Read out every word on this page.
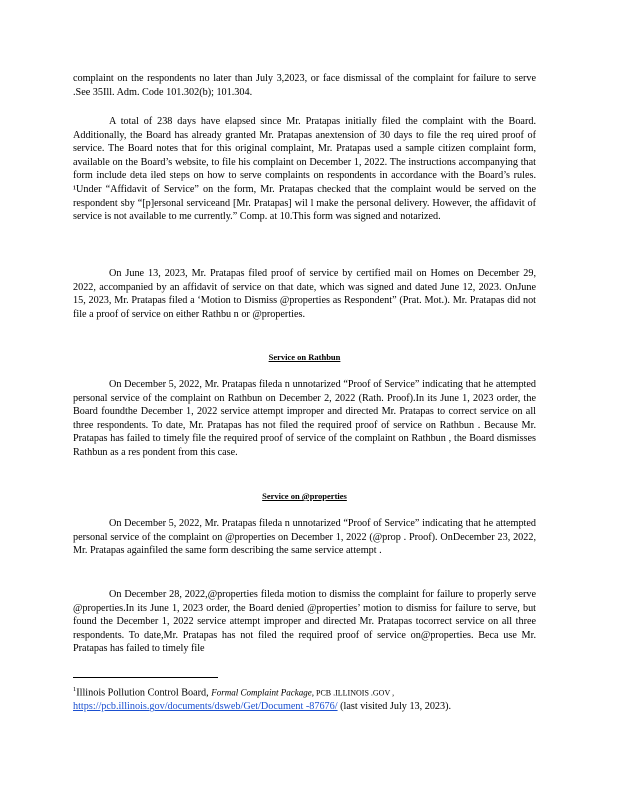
complaint on the respondents no later than July 3,2023, or face dismissal of the complaint for failure to serve .See 35Ill. Adm. Code 101.302(b); 101.304.

A total of 238 days have elapsed since Mr. Pratapas initially filed the complaint with the Board. Additionally, the Board has already granted Mr. Pratapas anextension of 30 days to file the req uired proof of service. The Board notes that for this original complaint, Mr. Pratapas used a sample citizen complaint form, available on the Board’s website, to file his complaint on December 1, 2022. The instructions accompanying that form include deta iled steps on how to serve complaints on respondents in accordance with the Board’s rules. ¹Under “Affidavit of Service” on the form, Mr. Pratapas checked that the complaint would be served on the respondent sby “[p]ersonal serviceand [Mr. Pratapas] wil l make the personal delivery. However, the affidavit of service is not available to me currently.” Comp. at 10.This form was signed and notarized.

On June 13, 2023, Mr. Pratapas filed proof of service by certified mail on Homes on December 29, 2022, accompanied by an affidavit of service on that date, which was signed and dated June 12, 2023. OnJune 15, 2023, Mr. Pratapas filed a ‘Motion to Dismiss @properties as Respondent” (Prat. Mot.). Mr. Pratapas did not file a proof of service on either Rathbu n or @properties.

Service on Rathbun

On December 5, 2022, Mr. Pratapas fileda n unnotarized “Proof of Service” indicating that he attempted personal service of the complaint on Rathbun on December 2, 2022 (Rath. Proof).In its June 1, 2023 order, the Board foundthe December 1, 2022 service attempt improper and directed Mr. Pratapas to correct service on all three respondents. To date, Mr. Pratapas has not filed the required proof of service on Rathbun . Because Mr. Pratapas has failed to timely file the required proof of service of the complaint on Rathbun , the Board dismisses Rathbun as a res pondent from this case.

Service on @properties

On December 5, 2022, Mr. Pratapas fileda n unnotarized “Proof of Service” indicating that he attempted personal service of the complaint on @properties on December 1, 2022 (@prop . Proof). OnDecember 23, 2022, Mr. Pratapas againfiled the same form describing the same service attempt .

On December 28, 2022,@properties fileda motion to dismiss the complaint for failure to properly serve @properties.In its June 1, 2023 order, the Board denied @properties’ motion to dismiss for failure to serve, but found the December 1, 2022 service attempt improper and directed Mr. Pratapas tocorrect service on all three respondents. To date,Mr. Pratapas has not filed the required proof of service on@properties. Beca use Mr. Pratapas has failed to timely file

$^1$Illinois Pollution Control Board, Formal Complaint Package, PCB .ILLINOIS .GOV ,
https://pcb.illinois.gov/documents/dsweb/Get/Document -87676/ (last visited July 13, 2023).
